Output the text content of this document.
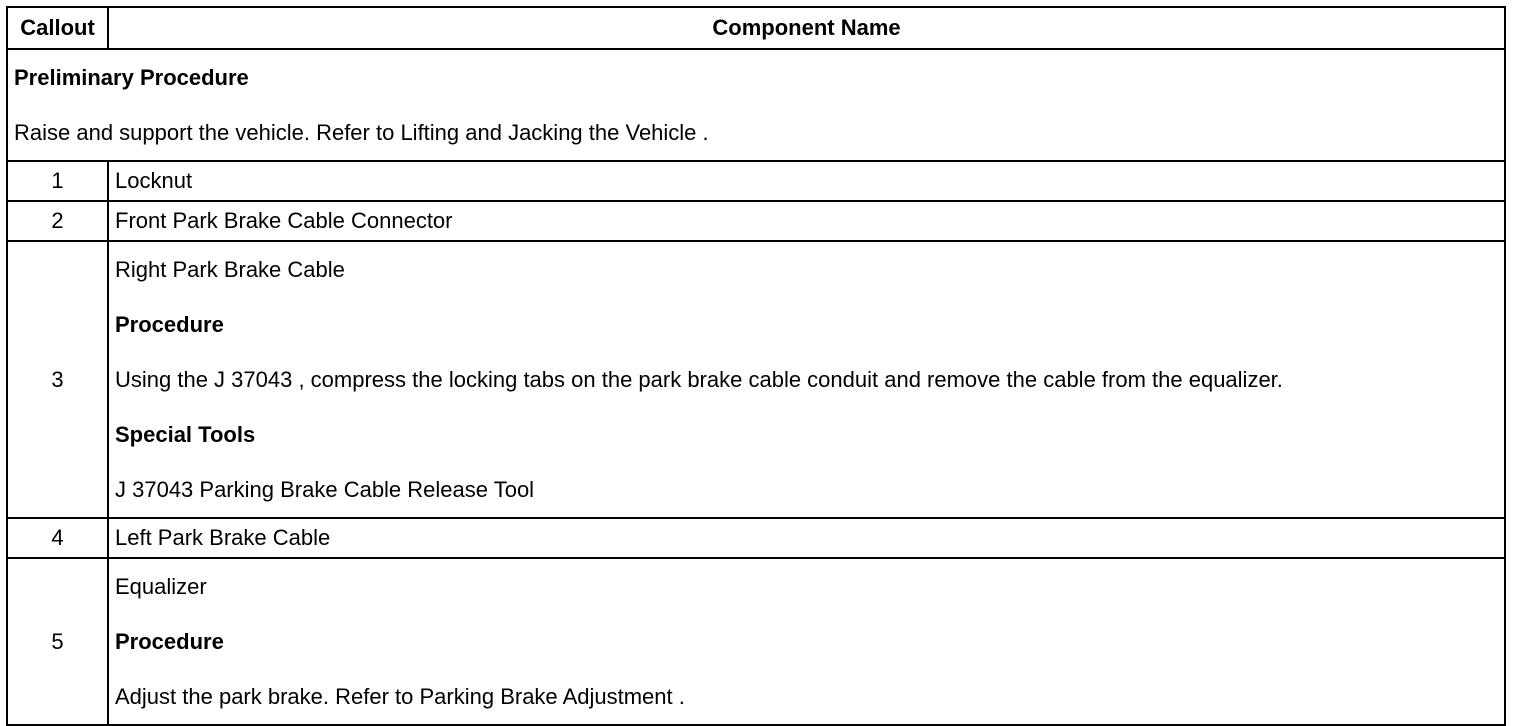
Callout	Component Name

Preliminary Procedure

Raise and support the vehicle. Refer to Lifting and Jacking the Vehicle .	

1	Locknut
2	Front Park Brake Cable Connector
3	Right Park Brake Cable

Procedure

Using the J 37043 , compress the locking tabs on the park brake cable conduit and remove the cable from the equalizer.

Special Tools

J 37043 Parking Brake Cable Release Tool

4	Left Park Brake Cable
5	Equalizer

Procedure

Adjust the park brake. Refer to Parking Brake Adjustment .
